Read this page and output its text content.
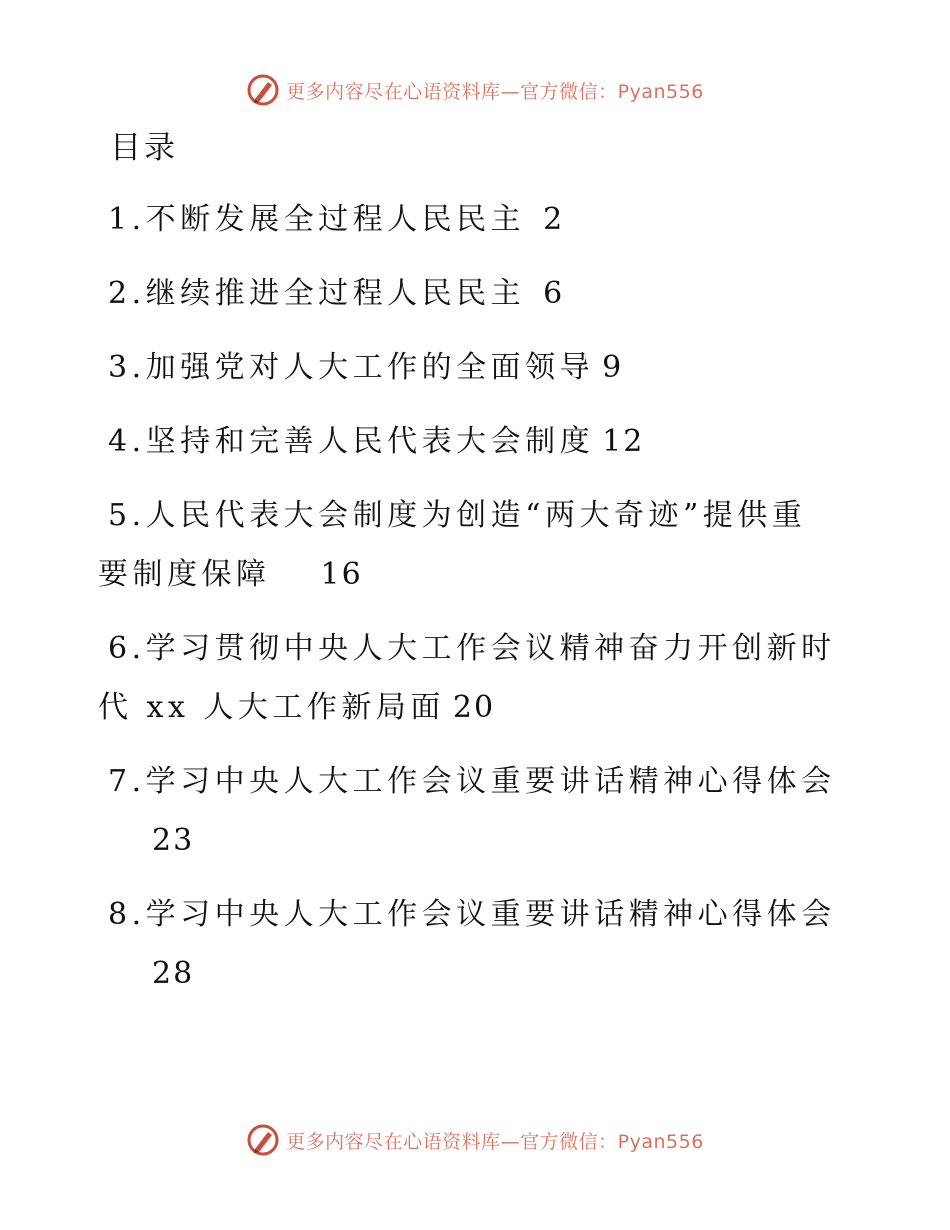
更多内容尽在心语资料库—官方微信：Pyan556
目录
1.不断发展全过程人民民主 2
2.继续推进全过程人民民主 6
3.加强党对人大工作的全面领导 9
4.坚持和完善人民代表大会制度 12
5.人民代表大会制度为创造“两大奇迹”提供重
要制度保障 16
6.学习贯彻中央人大工作会议精神奋力开创新时
代 xx 人大工作新局面 20
7.学习中央人大工作会议重要讲话精神心得体会
23
8.学习中央人大工作会议重要讲话精神心得体会
28
更多内容尽在心语资料库—官方微信：Pyan556
